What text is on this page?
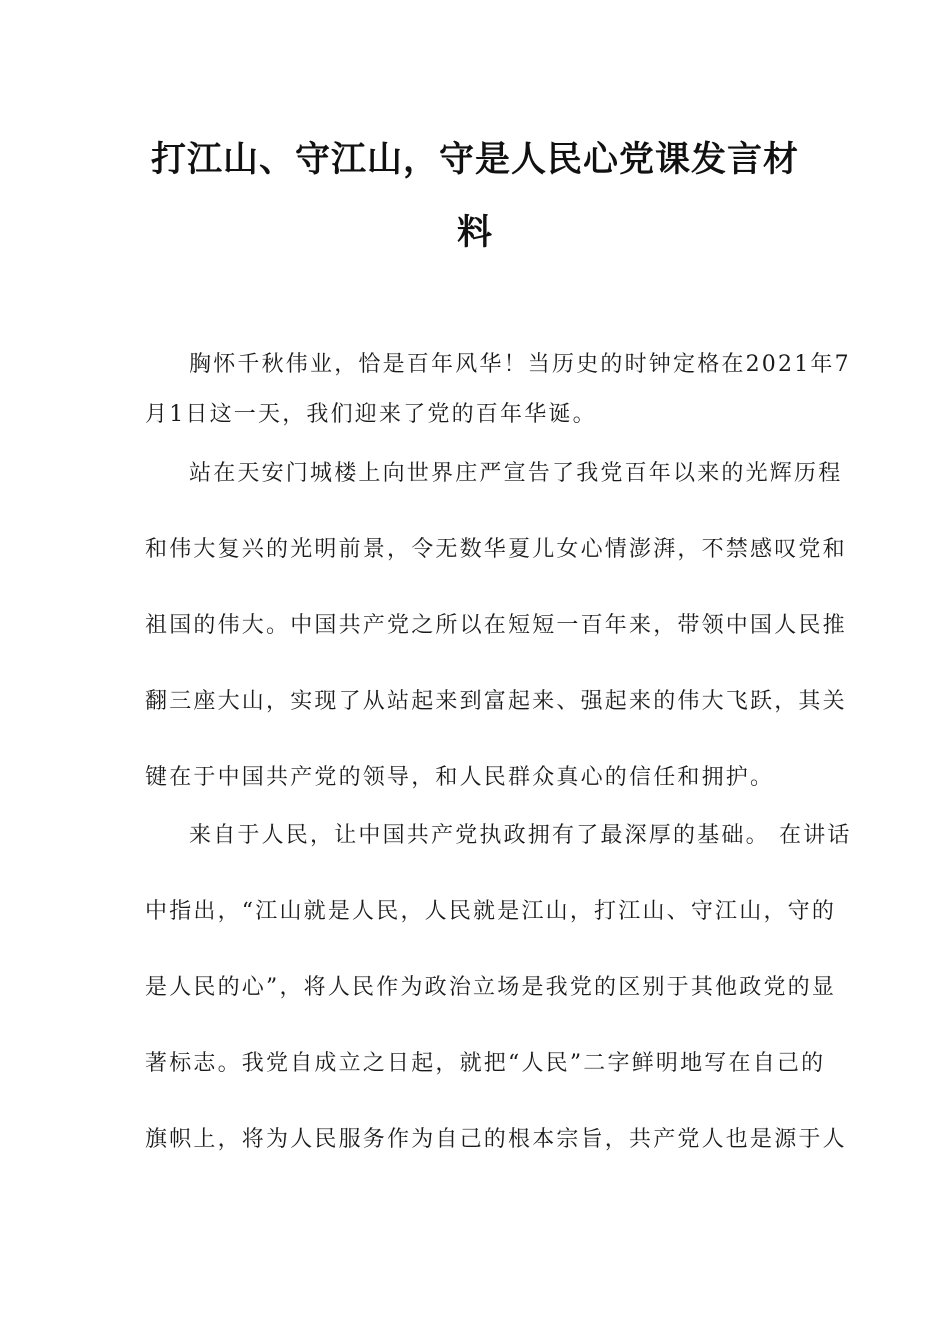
打江山、守江山，守是人民心党课发言材
料
胸怀千秋伟业，恰是百年风华！当历史的时钟定格在2021年7
月1日这一天，我们迎来了党的百年华诞。
站在天安门城楼上向世界庄严宣告了我党百年以来的光辉历程
和伟大复兴的光明前景，令无数华夏儿女心情澎湃，不禁感叹党和
祖国的伟大。中国共产党之所以在短短一百年来，带领中国人民推
翻三座大山，实现了从站起来到富起来、强起来的伟大飞跃，其关
键在于中国共产党的领导，和人民群众真心的信任和拥护。
来自于人民，让中国共产党执政拥有了最深厚的基础。 在讲话
中指出，“江山就是人民，人民就是江山，打江山、守江山，守的
是人民的心”，将人民作为政治立场是我党的区别于其他政党的显
著标志。我党自成立之日起，就把“人民”二字鲜明地写在自己的
旗帜上，将为人民服务作为自己的根本宗旨，共产党人也是源于人
